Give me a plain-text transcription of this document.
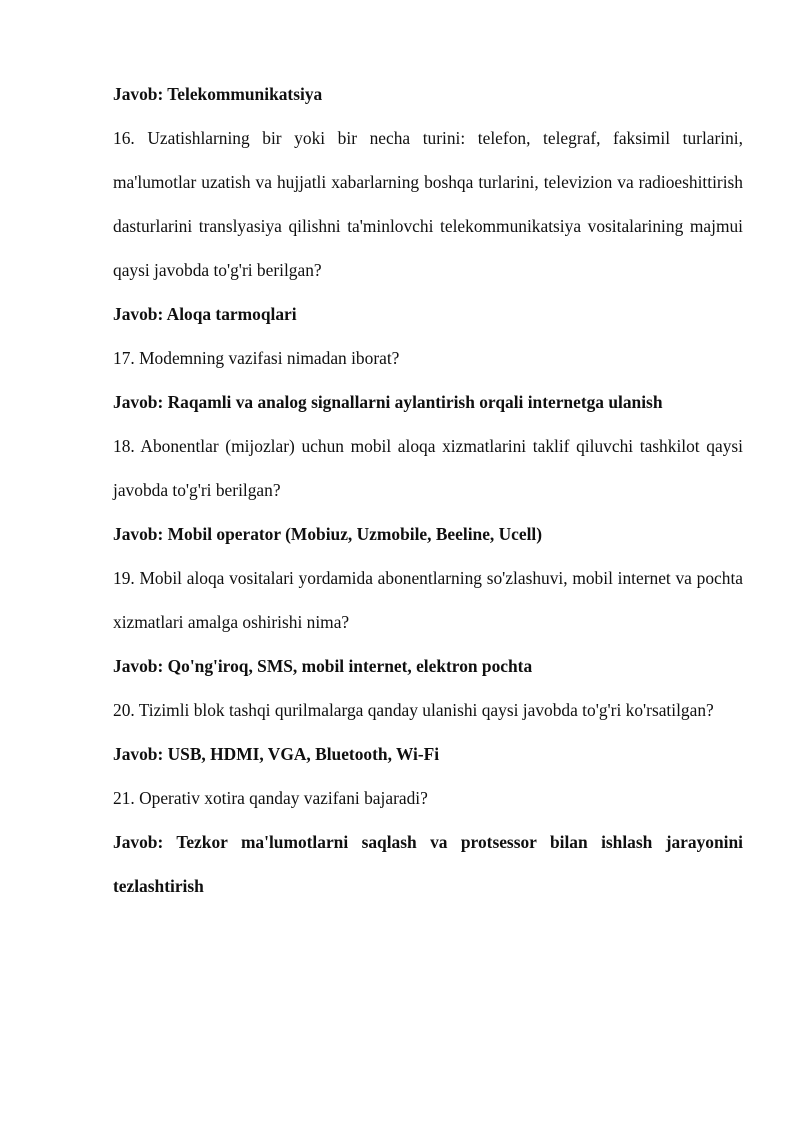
Javob: Telekommunikatsiya

16. Uzatishlarning bir yoki bir necha turini: telefon, telegraf, faksimil turlarini, ma'lumotlar uzatish va hujjatli xabarlarning boshqa turlarini, televizion va radioeshittirish dasturlarini translyasiya qilishni ta'minlovchi telekommunikatsiya vositalarining majmui qaysi javobda to'g'ri berilgan?

Javob: Aloqa tarmoqlari

17. Modemning vazifasi nimadan iborat?

Javob: Raqamli va analog signallarni aylantirish orqali internetga ulanish

18. Abonentlar (mijozlar) uchun mobil aloqa xizmatlarini taklif qiluvchi tashkilot qaysi javobda to'g'ri berilgan?

Javob: Mobil operator (Mobiuz, Uzmobile, Beeline, Ucell)

19. Mobil aloqa vositalari yordamida abonentlarning so'zlashuvi, mobil internet va pochta xizmatlari amalga oshirishi nima?

Javob: Qo'ng'iroq, SMS, mobil internet, elektron pochta

20. Tizimli blok tashqi qurilmalarga qanday ulanishi qaysi javobda to'g'ri ko'rsatilgan?

Javob: USB, HDMI, VGA, Bluetooth, Wi-Fi

21. Operativ xotira qanday vazifani bajaradi?

Javob: Tezkor ma'lumotlarni saqlash va protsessor bilan ishlash jarayonini tezlashtirish
